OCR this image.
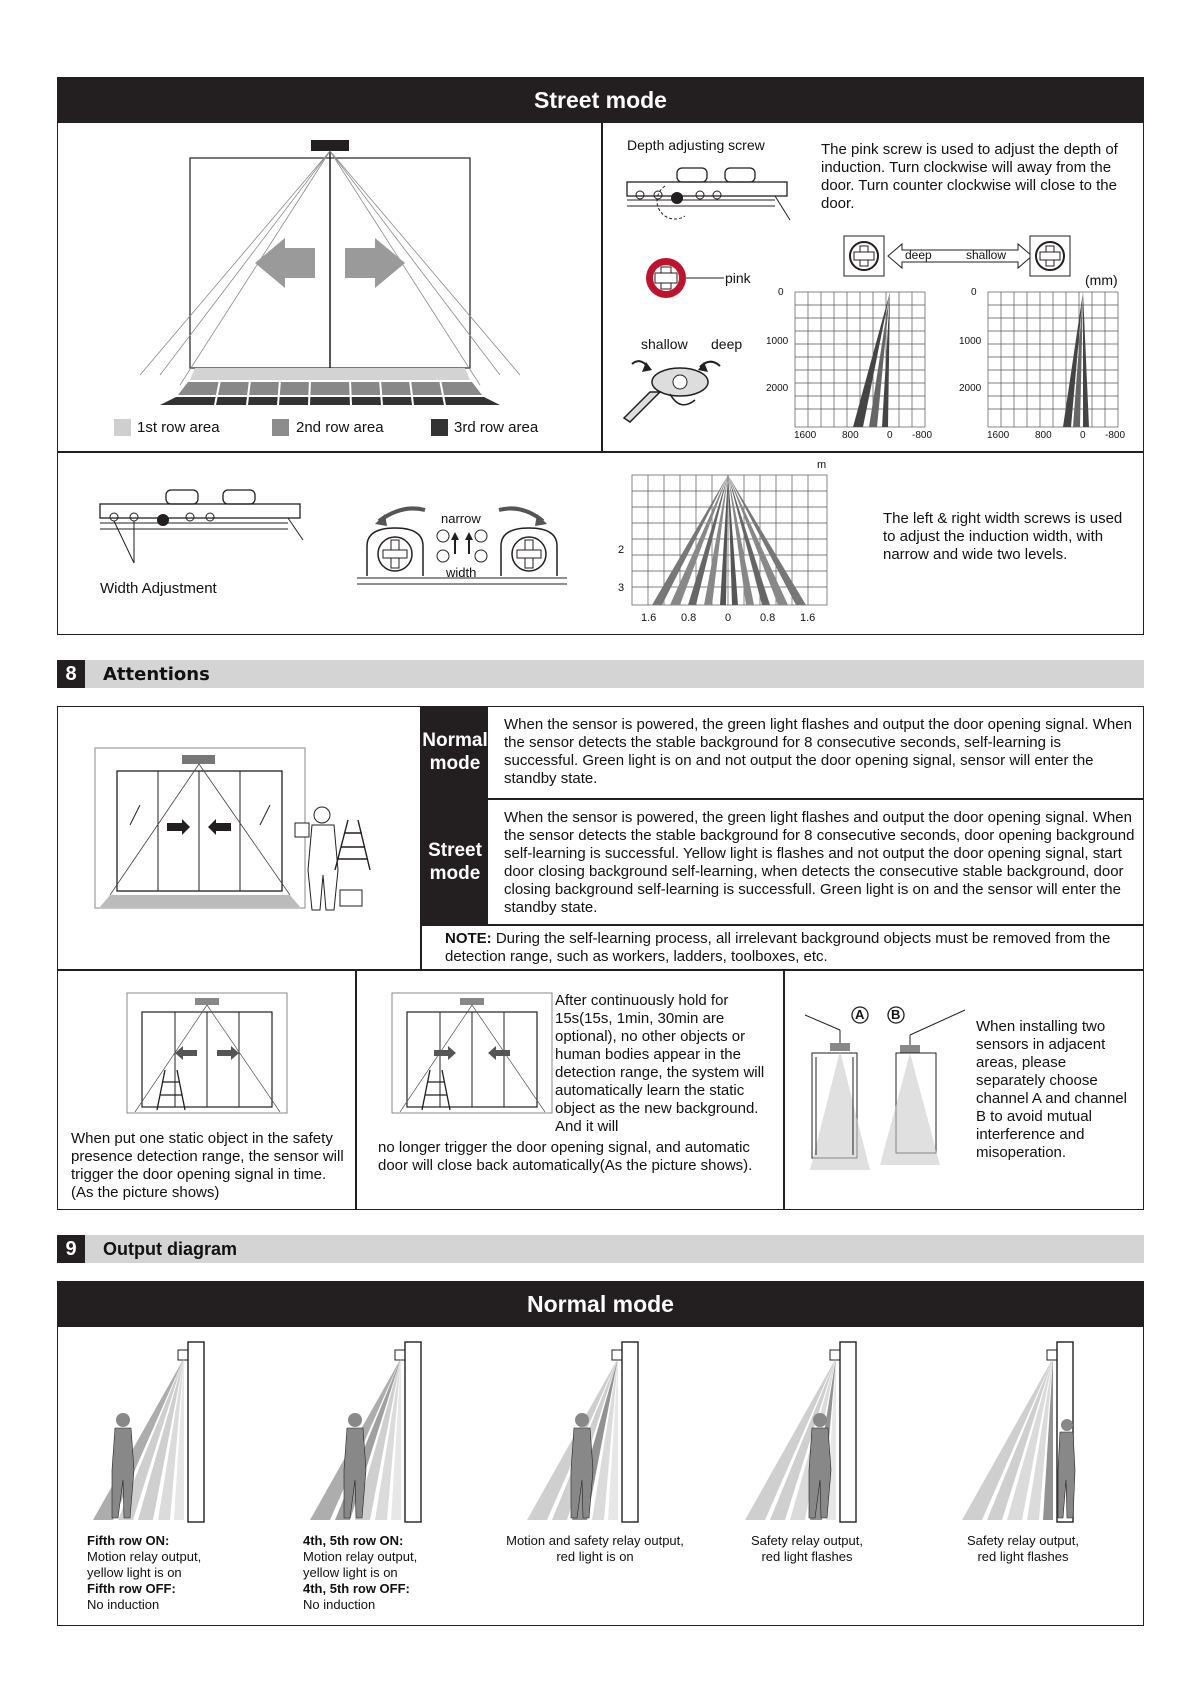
Street mode
1st row area	2nd row area	3rd row area
Depth adjusting screw	The pink screw is used to adjust the depth of induction. Turn clockwise will away from the door. Turn counter clockwise will close to the door.
pink
shallow deep
deep	shallow
(mm)
0
1000
2000
1600	800	0 -800
0
1000
2000
1600	800	0 -800
Width Adjustment
narrow
width
m
2
3
1.6 0.8	0	0.8 1.6
The left & right width screws is used to adjust the induction width, with narrow and wide two levels.
8	Attentions
Normal
mode
When the sensor is powered, the green light flashes and output the door opening signal. When the sensor detects the stable background for 8 consecutive seconds, self-learning is successful. Green light is on and not output the door opening signal, sensor will enter the standby state.
Street
mode
When the sensor is powered, the green light flashes and output the door opening signal. When the sensor detects the stable background for 8 consecutive seconds, door opening background self-learning is successful. Yellow light is flashes and not output the door opening signal, start door closing background self-learning, when detects the consecutive stable background, door closing background self-learning is successfull. Green light is on and the sensor will enter the standby state.
NOTE: During the self-learning process, all irrelevant background objects must be removed from the detection range, such as workers, ladders, toolboxes, etc.
When put one static object in the safety presence detection range, the sensor will trigger the door opening signal in time. (As the picture shows)
After continuously hold for 15s(15s, 1min, 30min are optional), no other objects or human bodies appear in the detection range, the system will automatically learn the static object as the new background. And it will
no longer trigger the door opening signal, and automatic door will close back automatically(As the picture shows).
A B
When installing two sensors in adjacent areas, please separately choose channel A and channel B to avoid mutual interference and misoperation.
9	Output diagram
Normal mode
Fifth row ON:
Motion relay output,
yellow light is on
Fifth row OFF:
No induction
4th, 5th row ON:
Motion relay output,
yellow light is on
4th, 5th row OFF:
No induction
Motion and safety relay output,
red light is on
Safety relay output,
red light flashes
Safety relay output,
red light flashes
